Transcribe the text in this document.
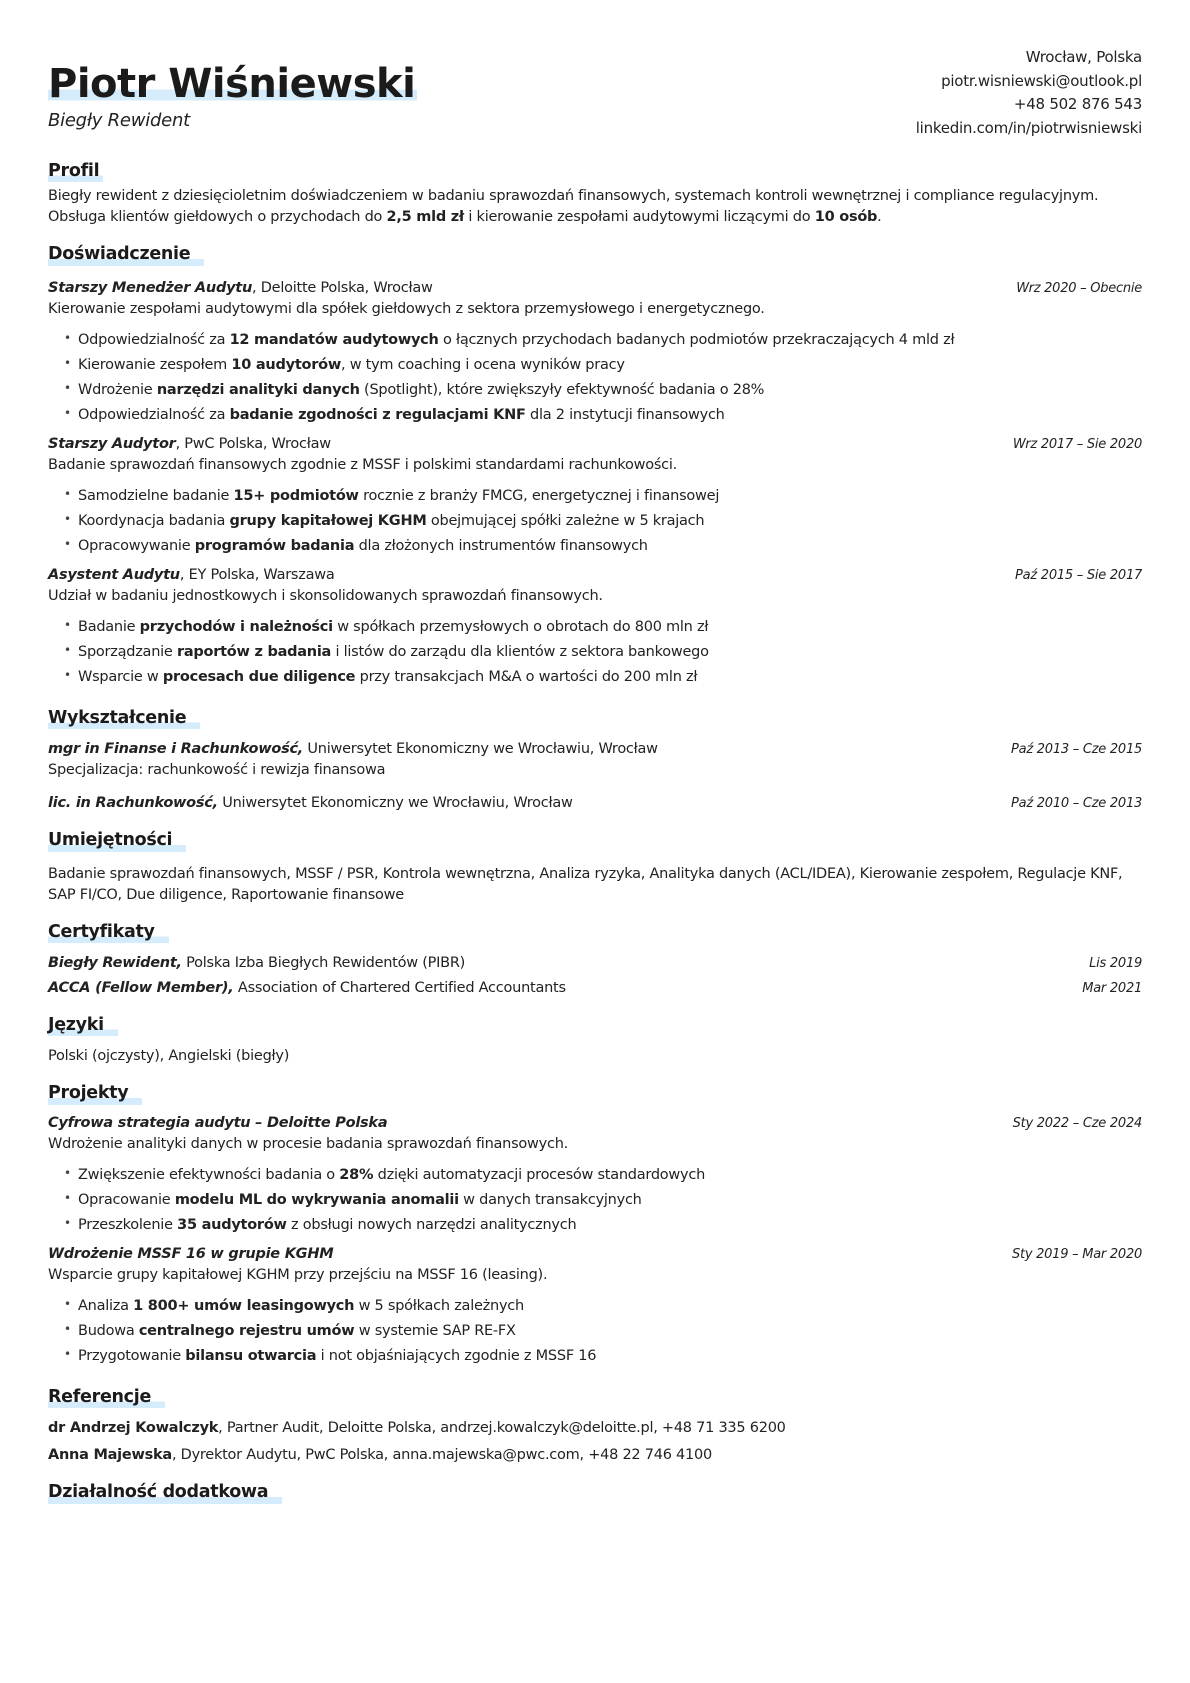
Piotr Wiśniewski
Biegły Rewident
Wrocław, Polska
piotr.wisniewski@outlook.pl
+48 502 876 543
linkedin.com/in/piotrwisniewski
Profil

Biegły rewident z dziesięcioletnim doświadczeniem w badaniu sprawozdań finansowych, systemach kontroli wewnętrznej i compliance regulacyjnym. Obsługa klientów giełdowych o przychodach do 2,5 mld zł i kierowanie zespołami audytowymi liczącymi do 10 osób.

Doświadczenie
Starszy Menedżer Audytu, Deloitte Polska, Wrocław	Wrz 2020 – Obecnie
Kierowanie zespołami audytowymi dla spółek giełdowych z sektora przemysłowego i energetycznego.
• Odpowiedzialność za 12 mandatów audytowych o łącznych przychodach badanych podmiotów przekraczających 4 mld zł
• Kierowanie zespołem 10 audytorów, w tym coaching i ocena wyników pracy
• Wdrożenie narzędzi analityki danych (Spotlight), które zwiększyły efektywność badania o 28%
• Odpowiedzialność za badanie zgodności z regulacjami KNF dla 2 instytucji finansowych
Starszy Audytor, PwC Polska, Wrocław	Wrz 2017 – Sie 2020
Badanie sprawozdań finansowych zgodnie z MSSF i polskimi standardami rachunkowości.
• Samodzielne badanie 15+ podmiotów rocznie z branży FMCG, energetycznej i finansowej
• Koordynacja badania grupy kapitałowej KGHM obejmującej spółki zależne w 5 krajach
• Opracowywanie programów badania dla złożonych instrumentów finansowych
Asystent Audytu, EY Polska, Warszawa	Paź 2015 – Sie 2017
Udział w badaniu jednostkowych i skonsolidowanych sprawozdań finansowych.
• Badanie przychodów i należności w spółkach przemysłowych o obrotach do 800 mln zł
• Sporządzanie raportów z badania i listów do zarządu dla klientów z sektora bankowego
• Wsparcie w procesach due diligence przy transakcjach M&A o wartości do 200 mln zł
Wykształcenie
mgr in Finanse i Rachunkowość, Uniwersytet Ekonomiczny we Wrocławiu, Wrocław	Paź 2013 – Cze 2015
Specjalizacja: rachunkowość i rewizja finansowa
lic. in Rachunkowość, Uniwersytet Ekonomiczny we Wrocławiu, Wrocław	Paź 2010 – Cze 2013
Umiejętności
Badanie sprawozdań finansowych, MSSF / PSR, Kontrola wewnętrzna, Analiza ryzyka, Analityka danych (ACL/IDEA), Kierowanie zespołem, Regulacje KNF, SAP FI/CO, Due diligence, Raportowanie finansowe
Certyfikaty
Biegły Rewident, Polska Izba Biegłych Rewidentów (PIBR)	Lis 2019
ACCA (Fellow Member), Association of Chartered Certified Accountants	Mar 2021
Języki
Polski (ojczysty), Angielski (biegły)
Projekty
Cyfrowa strategia audytu – Deloitte Polska	Sty 2022 – Cze 2024
Wdrożenie analityki danych w procesie badania sprawozdań finansowych.
• Zwiększenie efektywności badania o 28% dzięki automatyzacji procesów standardowych
• Opracowanie modelu ML do wykrywania anomalii w danych transakcyjnych
• Przeszkolenie 35 audytorów z obsługi nowych narzędzi analitycznych
Wdrożenie MSSF 16 w grupie KGHM	Sty 2019 – Mar 2020
Wsparcie grupy kapitałowej KGHM przy przejściu na MSSF 16 (leasing).
• Analiza 1 800+ umów leasingowych w 5 spółkach zależnych
• Budowa centralnego rejestru umów w systemie SAP RE-FX
• Przygotowanie bilansu otwarcia i not objaśniających zgodnie z MSSF 16
Referencje
dr Andrzej Kowalczyk, Partner Audit, Deloitte Polska, andrzej.kowalczyk@deloitte.pl, +48 71 335 6200
Anna Majewska, Dyrektor Audytu, PwC Polska, anna.majewska@pwc.com, +48 22 746 4100
Działalność dodatkowa
